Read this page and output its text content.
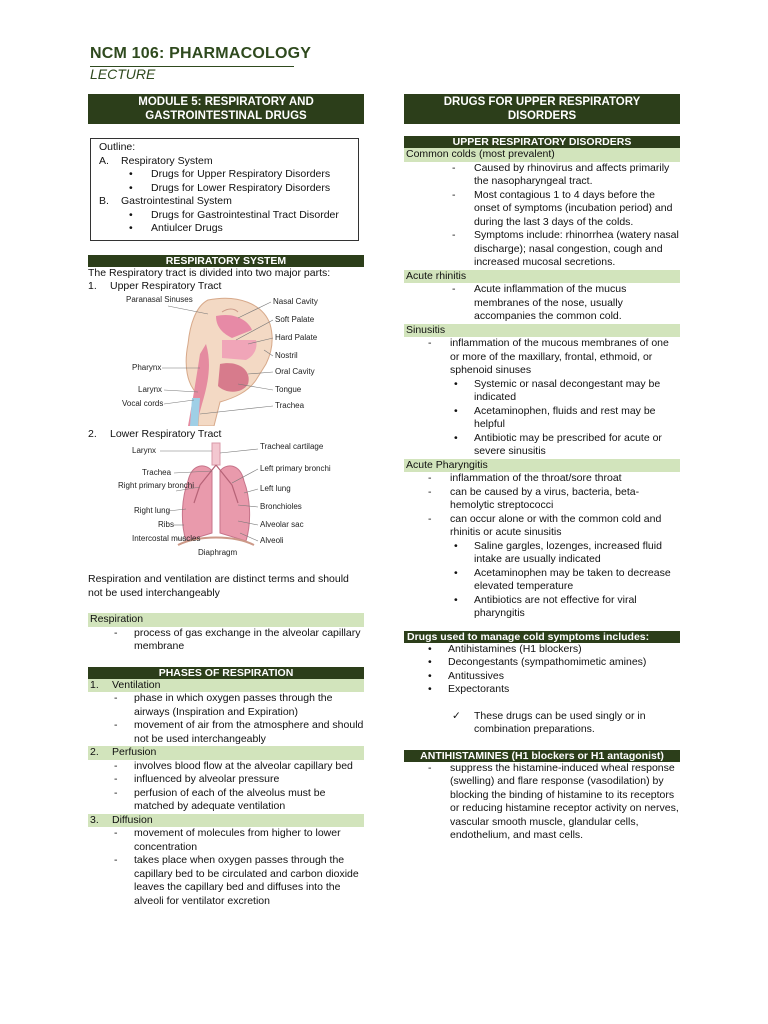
NCM 106: PHARMACOLOGY
LECTURE
MODULE 5: RESPIRATORY AND GASTROINTESTINAL DRUGS
Outline:
A.	Respiratory System
•	Drugs for Upper Respiratory Disorders
•	Drugs for Lower Respiratory Disorders
B.	Gastrointestinal System
•	Drugs for Gastrointestinal Tract Disorder
•	Antiulcer Drugs
RESPIRATORY SYSTEM
The Respiratory tract is divided into two major parts:
1.	Upper Respiratory Tract
Paranasal Sinuses	Nasal Cavity
Soft Palate
Hard Palate
Nostril
Oral Cavity
Pharynx
Larynx	Tongue
Vocal cords	Trachea
2.	Lower Respiratory Tract
Larynx
Trachea
Tracheal cartilage
Left primary bronchi
Right primary bronchi	Left lung
Right lung	Bronchioles
Ribs	Alveolar sac
Intercostal muscles
Diaphragm
Alveoli
Respiration and ventilation are distinct terms and should not be used interchangeably
Respiration
-	process of gas exchange in the alveolar capillary membrane
PHASES OF RESPIRATION
1.	Ventilation
-	phase in which oxygen passes through the airways (Inspiration and Expiration)
-	movement of air from the atmosphere and should not be used interchangeably
2.	Perfusion
-	involves blood flow at the alveolar capillary bed
-	influenced by alveolar pressure
-	perfusion of each of the alveolus must be matched by adequate ventilation
3.	Diffusion
-	movement of molecules from higher to lower concentration
-	takes place when oxygen passes through the capillary bed to be circulated and carbon dioxide leaves the capillary bed and diffuses into the alveoli for ventilator excretion
DRUGS FOR UPPER RESPIRATORY DISORDERS
UPPER RESPIRATORY DISORDERS
Common colds (most prevalent)
-	Caused by rhinovirus and affects primarily the nasopharyngeal tract.
-	Most contagious 1 to 4 days before the onset of symptoms (incubation period) and during the last 3 days of the colds.
-	Symptoms include: rhinorrhea (watery nasal discharge); nasal congestion, cough and increased mucosal secretions.
Acute rhinitis
-	Acute inflammation of the mucus membranes of the nose, usually accompanies the common cold.
Sinusitis
-	inflammation of the mucous membranes of one or more of the maxillary, frontal, ethmoid, or sphenoid sinuses
•	Systemic or nasal decongestant may be indicated
•	Acetaminophen, fluids and rest may be helpful
•	Antibiotic may be prescribed for acute or severe sinusitis
Acute Pharyngitis
-	inflammation of the throat/sore throat
-	can be caused by a virus, bacteria, beta-hemolytic streptococci
-	can occur alone or with the common cold and rhinitis or acute sinusitis
•	Saline gargles, lozenges, increased fluid intake are usually indicated
•	Acetaminophen may be taken to decrease elevated temperature
•	Antibiotics are not effective for viral pharyngitis
Drugs used to manage cold symptoms includes:
•	Antihistamines (H1 blockers)
•	Decongestants (sympathomimetic amines)
•	Antitussives
•	Expectorants
✓	These drugs can be used singly or in combination preparations.
ANTIHISTAMINES (H1 blockers or H1 antagonist)
-	suppress the histamine-induced wheal response (swelling) and flare response (vasodilation) by blocking the binding of histamine to its receptors or reducing histamine receptor activity on nerves, vascular smooth muscle, glandular cells, endothelium, and mast cells.
